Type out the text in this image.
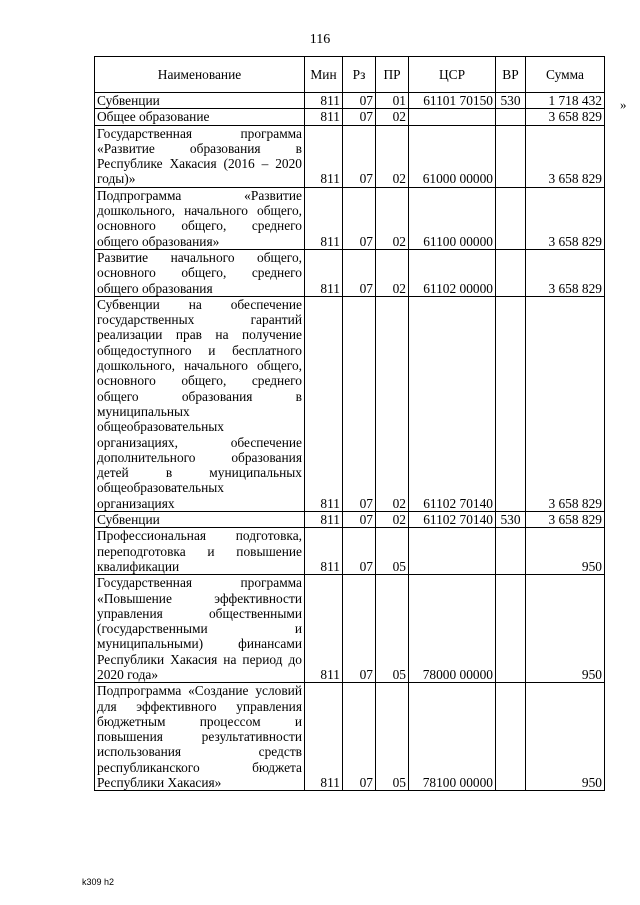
116
Наименование	Мин	Рз	ПР	ЦСР	ВР	Сумма
Субвенции	811	07	01	61101 70150	530	1 718 432
Общее образование	811	07	02			3 658 829
Государственная программа «Развитие образования в Республике Хакасия (2016 – 2020 годы)»	811	07	02	61000 00000		3 658 829
Подпрограмма «Развитие дошкольного, начального общего, основного общего, среднего общего образования»	811	07	02	61100 00000		3 658 829
Развитие начального общего, основного общего, среднего общего образования	811	07	02	61102 00000		3 658 829
Субвенции на обеспечение государственных гарантий реализации прав на получение общедоступного и бесплатного дошкольного, начального общего, основного общего, среднего общего образования в муниципальных общеобразовательных организациях, обеспечение дополнительного образования детей в муниципальных общеобразовательных организациях	811	07	02	61102 70140		3 658 829
Субвенции	811	07	02	61102 70140	530	3 658 829
Профессиональная подготовка, переподготовка и повышение квалификации	811	07	05			950
Государственная программа «Повышение эффективности управления общественными (государственными и муниципальными) финансами Республики Хакасия на период до 2020 года»	811	07	05	78000 00000		950
Подпрограмма «Создание условий для эффективного управления бюджетным процессом и повышения результативности использования средств республиканского бюджета Республики Хакасия»	811	07	05	78100 00000		950
»
k309 h2
